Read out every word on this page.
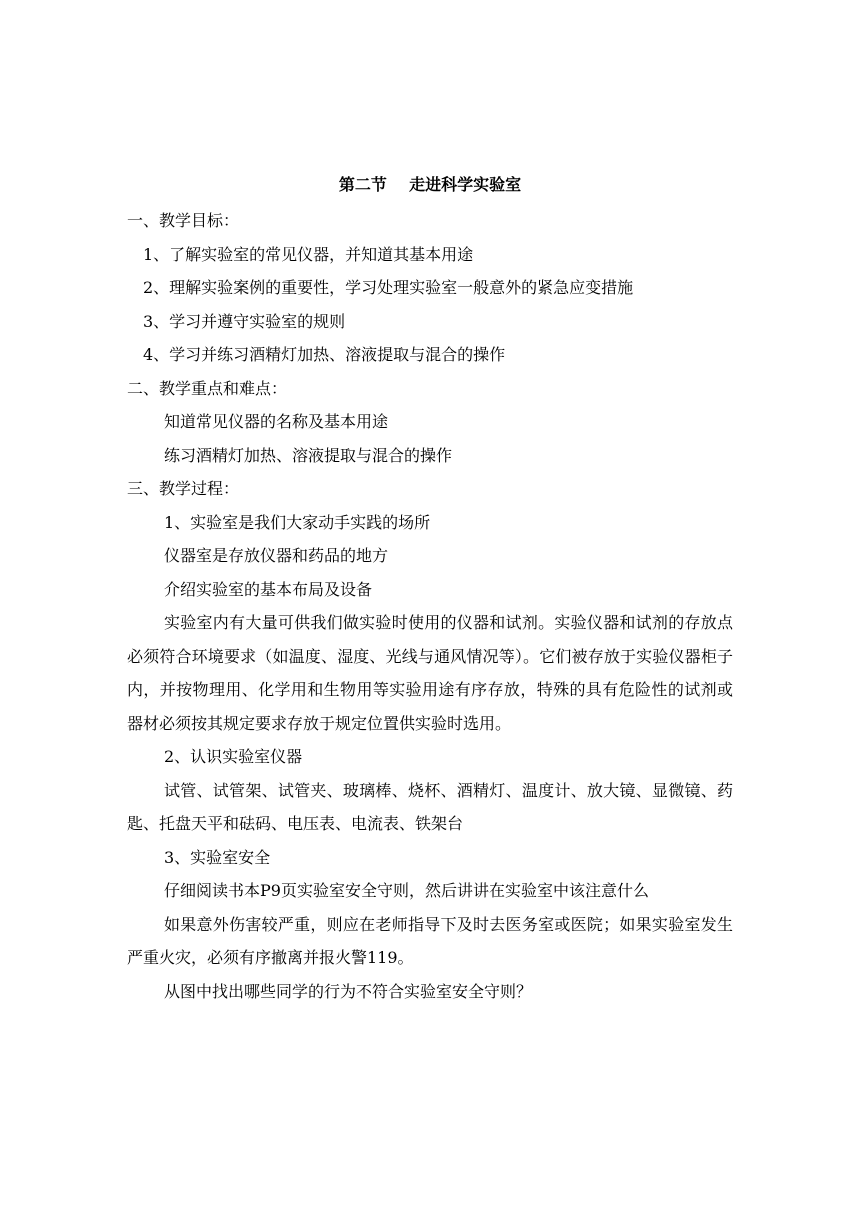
第二节    走进科学实验室

一、教学目标：

1、了解实验室的常见仪器，并知道其基本用途

2、理解实验案例的重要性，学习处理实验室一般意外的紧急应变措施

3、学习并遵守实验室的规则

4、学习并练习酒精灯加热、溶液提取与混合的操作

二、教学重点和难点：

知道常见仪器的名称及基本用途

练习酒精灯加热、溶液提取与混合的操作

三、教学过程：

1、实验室是我们大家动手实践的场所

仪器室是存放仪器和药品的地方

介绍实验室的基本布局及设备

实验室内有大量可供我们做实验时使用的仪器和试剂。实验仪器和试剂的存放点必须符合环境要求（如温度、湿度、光线与通风情况等）。它们被存放于实验仪器柜子内，并按物理用、化学用和生物用等实验用途有序存放，特殊的具有危险性的试剂或器材必须按其规定要求存放于规定位置供实验时选用。

2、认识实验室仪器

试管、试管架、试管夹、玻璃棒、烧杯、酒精灯、温度计、放大镜、显微镜、药匙、托盘天平和砝码、电压表、电流表、铁架台

3、实验室安全

仔细阅读书本P9页实验室安全守则，然后讲讲在实验室中该注意什么

如果意外伤害较严重，则应在老师指导下及时去医务室或医院；如果实验室发生严重火灾，必须有序撤离并报火警119。

从图中找出哪些同学的行为不符合实验室安全守则？
